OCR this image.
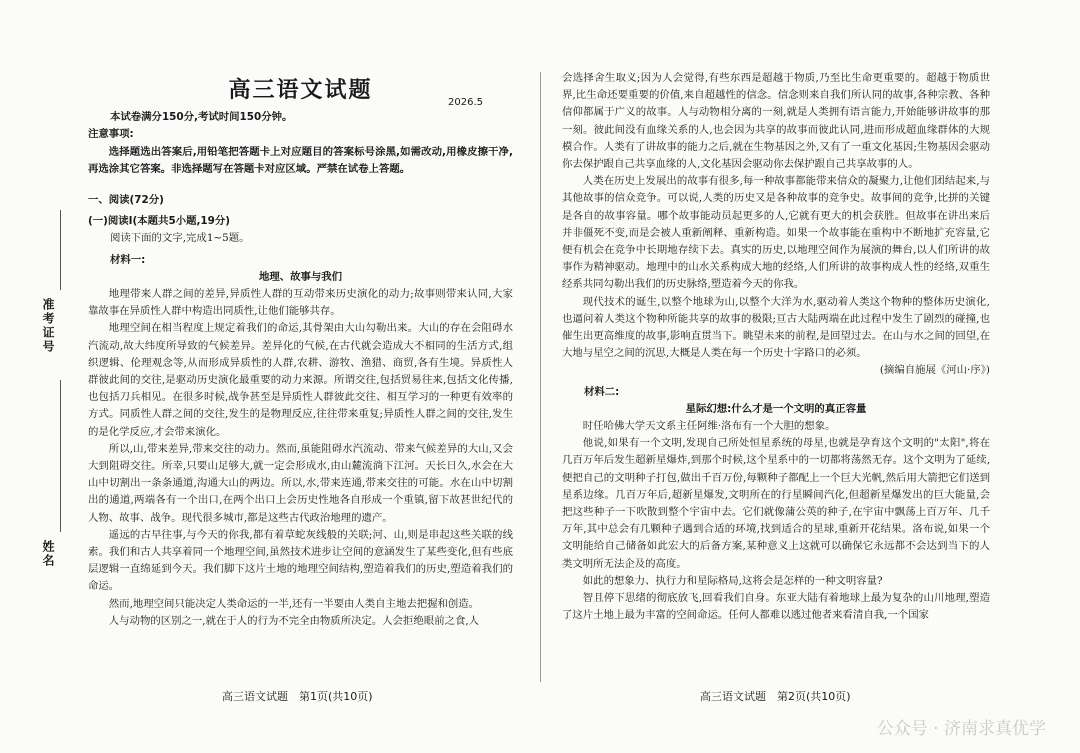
准考证号
姓名
2026.5
高三语文试题
本试卷满分150分,考试时间150分钟。
注意事项:

选择题选出答案后,用铅笔把答题卡上对应题目的答案标号涂黑,如需改动,用橡皮擦干净,再选涂其它答案。非选择题写在答题卡对应区域。严禁在试卷上答题。

一、阅读(72分)
(一)阅读Ⅰ(本题共5小题,19分)
阅读下面的文字,完成1~5题。
材料一:
地理、故事与我们

地理带来人群之间的差异,异质性人群的互动带来历史演化的动力;故事则带来认同,大家靠故事在异质性人群中构造出同质性,让他们能够共存。

地理空间在相当程度上规定着我们的命运,其骨架由大山勾勒出来。大山的存在会阻碍水汽流动,故大纬度所导致的气候差异。差异化的气候,在古代就会造成大不相同的生活方式,组织逻辑、伦理观念等,从而形成异质性的人群,农耕、游牧、渔猎、商贸,各有生境。异质性人群彼此间的交往,是驱动历史演化最重要的动力来源。所谓交往,包括贸易往来,包括文化传播,也包括刀兵相见。在很多时候,战争甚至是异质性人群彼此交往、相互学习的一种更有效率的方式。同质性人群之间的交往,发生的是物理反应,往往带来重复;异质性人群之间的交往,发生的是化学反应,才会带来演化。

所以,山,带来差异,带来交往的动力。然而,虽能阻碍水汽流动、带来气候差异的大山,又会大到阻碍交往。所幸,只要山足够大,就一定会形成水,由山麓流淌下江河。天长日久,水会在大山中切割出一条条通道,沟通大山的两边。所以,水,带来连通,带来交往的可能。水在山中切割出的通道,两端各有一个出口,在两个出口上会历史性地各自形成一个重镇,留下故甚世纪代的人物、故事、战争。现代很多城市,都是这些古代政治地理的遗产。

遥远的古早往事,与今天的你我,都有着草蛇灰线般的关联;河、山,则是串起这些关联的线索。我们和古人共享着同一个地理空间,虽然技术进步让空间的意涵发生了某些变化,但有些底层逻辑一直绵延到今天。我们脚下这片土地的地理空间结构,塑造着我们的历史,塑造着我们的命运。

然而,地理空间只能决定人类命运的一半,还有一半要由人类自主地去把握和创造。

人与动物的区别之一,就在于人的行为不完全由物质所决定。人会拒绝眼前之食,人

会选择舍生取义;因为人会觉得,有些东西是超越于物质,乃至比生命更重要的。超越于物质世界,比生命还要重要的价值,来自超越性的信念。信念则来自我们所认同的故事,各种宗教、各种信仰都属于广义的故事。人与动物相分离的一刻,就是人类拥有语言能力,开始能够讲故事的那一刻。彼此间没有血缘关系的人,也会因为共享的故事而彼此认同,进而形成超血缘群体的大规模合作。人类有了讲故事的能力之后,就在生物基因之外,又有了一重文化基因;生物基因会驱动你去保护跟自己共享血缘的人,文化基因会驱动你去保护跟自己共享故事的人。

人类在历史上发展出的故事有很多,每一种故事都能带来信众的凝聚力,让他们团结起来,与其他故事的信众竞争。可以说,人类的历史又是各种故事的竞争史。故事间的竞争,比拼的关键是各自的故事容量。哪个故事能动员起更多的人,它就有更大的机会获胜。但故事在讲出来后并非僵死不变,而是会被人重新阐释、重新构造。如果一个故事能在重构中不断地扩充容量,它便有机会在竞争中长期地存续下去。真实的历史,以地理空间作为展演的舞台,以人们所讲的故事作为精神驱动。地理中的山水关系构成大地的经络,人们所讲的故事构成人性的经络,双重生经系共同勾勒出我们的历史脉络,塑造着今天的你我。

现代技术的诞生,以整个地球为山,以整个大洋为水,驱动着人类这个物种的整体历史演化,也逼问着人类这个物种所能共享的故事的极限;亘古大陆两端在此过程中发生了剧烈的碰撞,也催生出更高维度的故事,影响直贯当下。眺望未来的前程,是回望过去。在山与水之间的回望,在大地与星空之间的沉思,大概是人类在每一个历史十字路口的必须。

(摘编自施展《河山·序》)
材料二:
星际幻想:什么才是一个文明的真正容量

时任哈佛大学天文系主任阿维·洛布有一个大胆的想象。

他说,如果有一个文明,发现自己所处恒星系统的母星,也就是孕育这个文明的"太阳",将在几百万年后发生超新星爆炸,到那个时候,这个星系中的一切都将荡然无存。这个文明为了延续,便把自己的文明种子打包,做出千百万份,每颗种子都配上一个巨大光帆,然后用大箭把它们送到星系边缘。几百万年后,超新星爆发,文明所在的行星瞬间汽化,但超新星爆发出的巨大能量,会把这些种子一下吹散到整个宇宙中去。它们就像蒲公英的种子,在宇宙中飘荡上百万年、几千万年,其中总会有几颗种子遇到合适的环境,找到适合的星球,重新开花结果。洛布说,如果一个文明能给自己储备如此宏大的后备方案,某种意义上这就可以确保它永远都不会达到当下的人类文明所无法企及的高度。

如此的想象力、执行力和星际格局,这将会是怎样的一种文明容量?

智且停下思绪的彻底放飞,回看我们自身。东亚大陆有着地球上最为复杂的山川地理,塑造了这片土地上最为丰富的空间命运。任何人都难以逃过他者来看清自我,一个国家

高三语文试题　第1页(共10页)	高三语文试题　第2页(共10页)
公众号 · 济南求真优学
